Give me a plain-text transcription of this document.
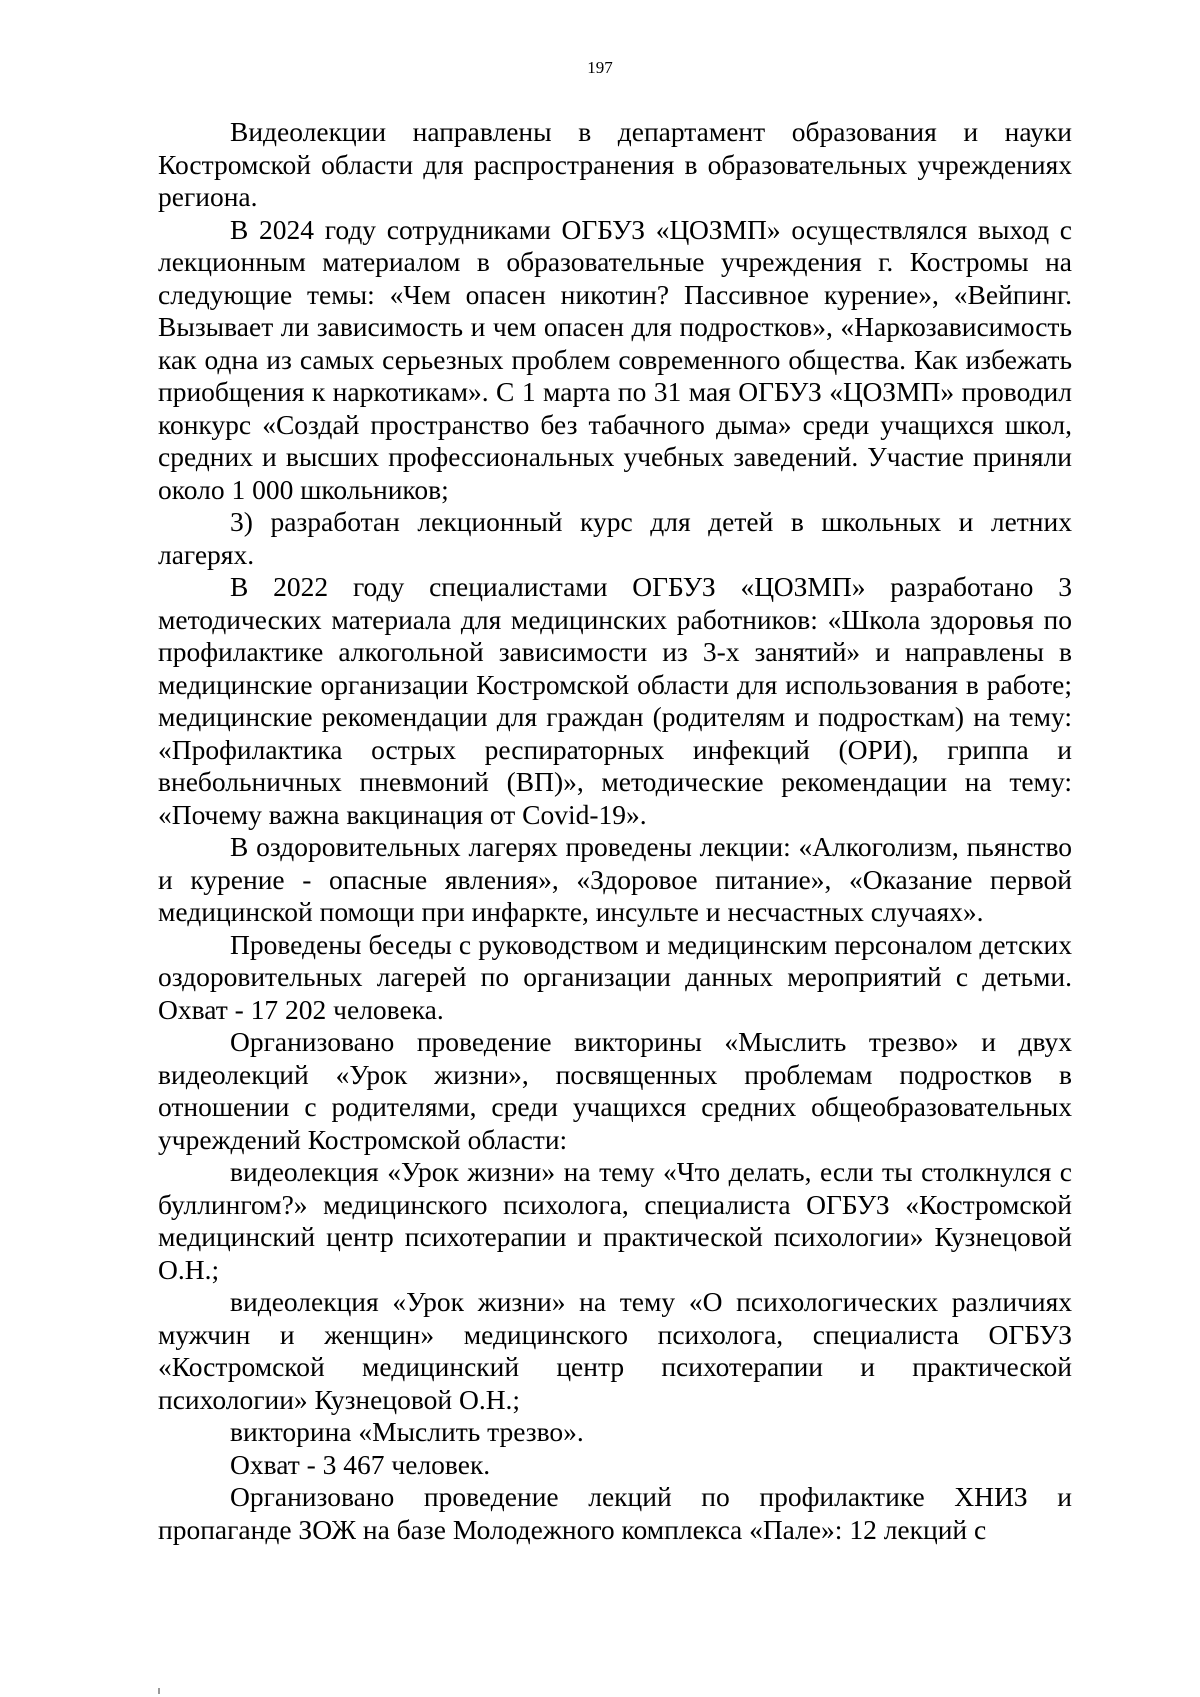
197

Видеолекции направлены в департамент образования и науки Костромской области для распространения в образовательных учреждениях региона.

В 2024 году сотрудниками ОГБУЗ «ЦОЗМП» осуществлялся выход с лекционным материалом в образовательные учреждения г. Костромы на следующие темы: «Чем опасен никотин? Пассивное курение», «Вейпинг. Вызывает ли зависимость и чем опасен для подростков», «Наркозависимость как одна из самых серьезных проблем современного общества. Как избежать приобщения к наркотикам». С 1 марта по 31 мая ОГБУЗ «ЦОЗМП» проводил конкурс «Создай пространство без табачного дыма» среди учащихся школ, средних и высших профессиональных учебных заведений. Участие приняли около 1 000 школьников;

3) разработан лекционный курс для детей в школьных и летних лагерях.

В 2022 году специалистами ОГБУЗ «ЦОЗМП» разработано 3 методических материала для медицинских работников: «Школа здоровья по профилактике алкогольной зависимости из 3-х занятий» и направлены в медицинские организации Костромской области для использования в работе; медицинские рекомендации для граждан (родителям и подросткам) на тему: «Профилактика острых респираторных инфекций (ОРИ), гриппа и внебольничных пневмоний (ВП)», методические рекомендации на тему: «Почему важна вакцинация от Covid-19».

В оздоровительных лагерях проведены лекции: «Алкоголизм, пьянство и курение - опасные явления», «Здоровое питание», «Оказание первой медицинской помощи при инфаркте, инсульте и несчастных случаях».

Проведены беседы с руководством и медицинским персоналом детских оздоровительных лагерей по организации данных мероприятий с детьми. Охват - 17 202 человека.

Организовано проведение викторины «Мыслить трезво» и двух видеолекций «Урок жизни», посвященных проблемам подростков в отношении с родителями, среди учащихся средних общеобразовательных учреждений Костромской области:

видеолекция «Урок жизни» на тему «Что делать, если ты столкнулся с буллингом?» медицинского психолога, специалиста ОГБУЗ «Костромской медицинский центр психотерапии и практической психологии» Кузнецовой О.Н.;

видеолекция «Урок жизни» на тему «О психологических различиях мужчин и женщин» медицинского психолога, специалиста ОГБУЗ «Костромской медицинский центр психотерапии и практической психологии» Кузнецовой О.Н.;

викторина «Мыслить трезво».

Охват - 3 467 человек.

Организовано проведение лекций по профилактике ХНИЗ и пропаганде ЗОЖ на базе Молодежного комплекса «Пале»: 12 лекций с
